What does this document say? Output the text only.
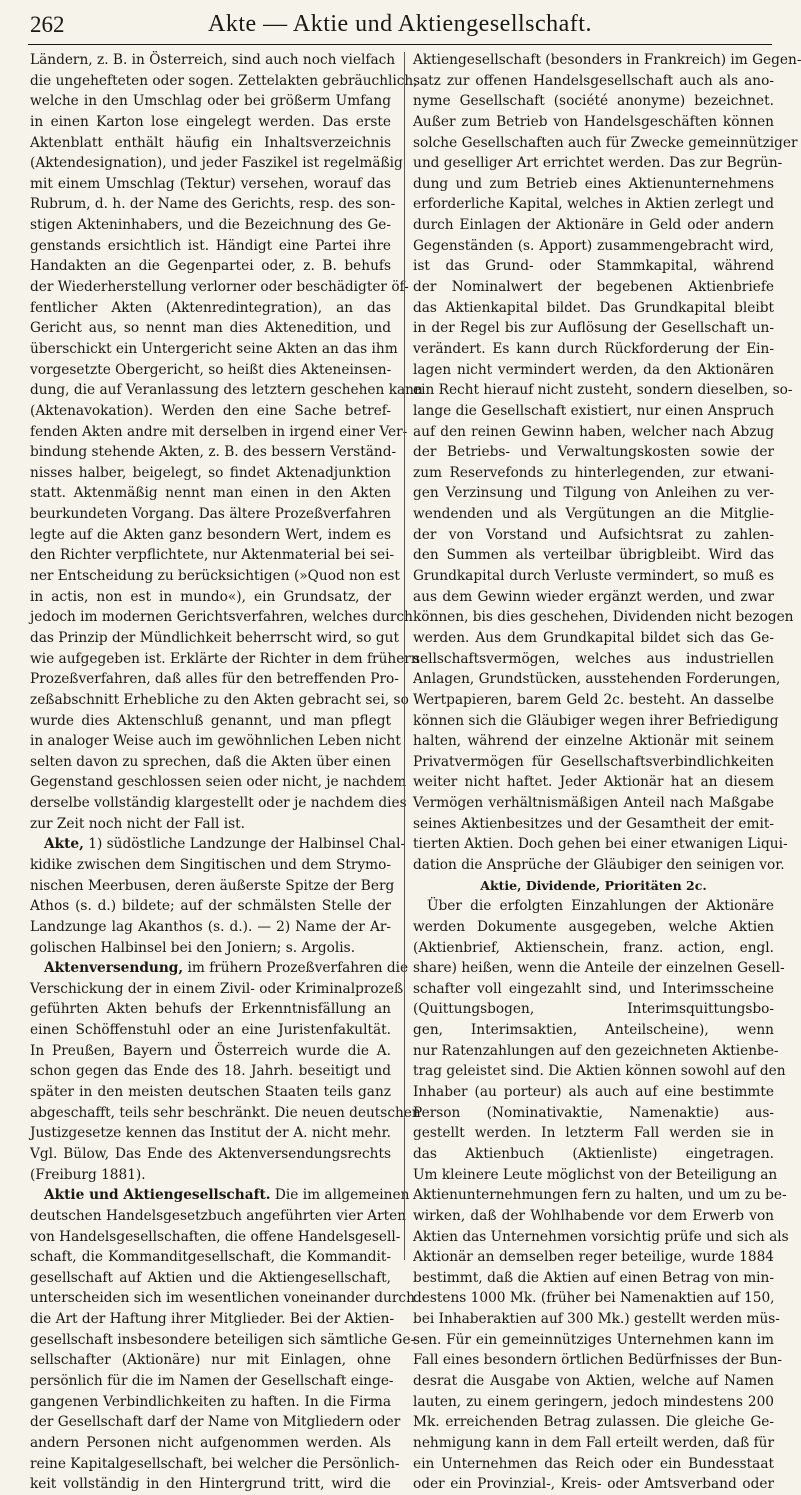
262	Akte — Aktie und Aktiengesellschaft.
Ländern, z. B. in Österreich, sind auch noch vielfach
die ungehefteten oder sogen. Zettelakten gebräuchlich,
welche in den Umschlag oder bei größerm Umfang
in einen Karton lose eingelegt werden. Das erste
Aktenblatt enthält häufig ein Inhaltsverzeichnis
(Aktendesignation), und jeder Faszikel ist regelmäßig
mit einem Umschlag (Tektur) versehen, worauf das
Rubrum, d. h. der Name des Gerichts, resp. des son-
stigen Akteninhabers, und die Bezeichnung des Ge-
genstands ersichtlich ist. Händigt eine Partei ihre
Handakten an die Gegenpartei oder, z. B. behufs
der Wiederherstellung verlorner oder beschädigter öf-
fentlicher Akten (Aktenredintegration), an das
Gericht aus, so nennt man dies Aktenedition, und
überschickt ein Untergericht seine Akten an das ihm
vorgesetzte Obergericht, so heißt dies Akteneinsen-
dung, die auf Veranlassung des letztern geschehen kann
(Aktenavokation). Werden den eine Sache betref-
fenden Akten andre mit derselben in irgend einer Ver-
bindung stehende Akten, z. B. des bessern Verständ-
nisses halber, beigelegt, so findet Aktenadjunktion
statt. Aktenmäßig nennt man einen in den Akten
beurkundeten Vorgang. Das ältere Prozeßverfahren
legte auf die Akten ganz besondern Wert, indem es
den Richter verpflichtete, nur Aktenmaterial bei sei-
ner Entscheidung zu berücksichtigen (»Quod non est
in actis, non est in mundo«), ein Grundsatz, der
jedoch im modernen Gerichtsverfahren, welches durch
das Prinzip der Mündlichkeit beherrscht wird, so gut
wie aufgegeben ist. Erklärte der Richter in dem frühern
Prozeßverfahren, daß alles für den betreffenden Pro-
zeßabschnitt Erhebliche zu den Akten gebracht sei, so
wurde dies Aktenschluß genannt, und man pflegt
in analoger Weise auch im gewöhnlichen Leben nicht
selten davon zu sprechen, daß die Akten über einen
Gegenstand geschlossen seien oder nicht, je nachdem
derselbe vollständig klargestellt oder je nachdem dies
zur Zeit noch nicht der Fall ist.
Akte, 1) südöstliche Landzunge der Halbinsel Chal-
kidike zwischen dem Singitischen und dem Strymo-
nischen Meerbusen, deren äußerste Spitze der Berg
Athos (s. d.) bildete; auf der schmälsten Stelle der
Landzunge lag Akanthos (s. d.). — 2) Name der Ar-
golischen Halbinsel bei den Joniern; s. Argolis.
Aktenversendung, im frühern Prozeßverfahren die
Verschickung der in einem Zivil- oder Kriminalprozeß
geführten Akten behufs der Erkenntnisfällung an
einen Schöffenstuhl oder an eine Juristenfakultät.
In Preußen, Bayern und Österreich wurde die A.
schon gegen das Ende des 18. Jahrh. beseitigt und
später in den meisten deutschen Staaten teils ganz
abgeschafft, teils sehr beschränkt. Die neuen deutschen
Justizgesetze kennen das Institut der A. nicht mehr.
Vgl. Bülow, Das Ende des Aktenversendungsrechts
(Freiburg 1881).
Aktie und Aktiengesellschaft. Die im allgemeinen
deutschen Handelsgesetzbuch angeführten vier Arten
von Handelsgesellschaften, die offene Handelsgesell-
schaft, die Kommanditgesellschaft, die Kommandit-
gesellschaft auf Aktien und die Aktiengesellschaft,
unterscheiden sich im wesentlichen voneinander durch
die Art der Haftung ihrer Mitglieder. Bei der Aktien-
gesellschaft insbesondere beteiligen sich sämtliche Ge-
sellschafter (Aktionäre) nur mit Einlagen, ohne
persönlich für die im Namen der Gesellschaft einge-
gangenen Verbindlichkeiten zu haften. In die Firma
der Gesellschaft darf der Name von Mitgliedern oder
andern Personen nicht aufgenommen werden. Als
reine Kapitalgesellschaft, bei welcher die Persönlich-
keit vollständig in den Hintergrund tritt, wird die
Aktiengesellschaft (besonders in Frankreich) im Gegen-
satz zur offenen Handelsgesellschaft auch als ano-
nyme Gesellschaft (société anonyme) bezeichnet.
Außer zum Betrieb von Handelsgeschäften können
solche Gesellschaften auch für Zwecke gemeinnütziger
und geselliger Art errichtet werden. Das zur Begrün-
dung und zum Betrieb eines Aktienunternehmens
erforderliche Kapital, welches in Aktien zerlegt und
durch Einlagen der Aktionäre in Geld oder andern
Gegenständen (s. Apport) zusammengebracht wird,
ist das Grund- oder Stammkapital, während
der Nominalwert der begebenen Aktienbriefe
das Aktienkapital bildet. Das Grundkapital bleibt
in der Regel bis zur Auflösung der Gesellschaft un-
verändert. Es kann durch Rückforderung der Ein-
lagen nicht vermindert werden, da den Aktionären
ein Recht hierauf nicht zusteht, sondern dieselben, so-
lange die Gesellschaft existiert, nur einen Anspruch
auf den reinen Gewinn haben, welcher nach Abzug
der Betriebs- und Verwaltungskosten sowie der
zum Reservefonds zu hinterlegenden, zur etwani-
gen Verzinsung und Tilgung von Anleihen zu ver-
wendenden und als Vergütungen an die Mitglie-
der von Vorstand und Aufsichtsrat zu zahlen-
den Summen als verteilbar übrigbleibt. Wird das
Grundkapital durch Verluste vermindert, so muß es
aus dem Gewinn wieder ergänzt werden, und zwar
können, bis dies geschehen, Dividenden nicht bezogen
werden. Aus dem Grundkapital bildet sich das Ge-
sellschaftsvermögen, welches aus industriellen
Anlagen, Grundstücken, ausstehenden Forderungen,
Wertpapieren, barem Geld 2c. besteht. An dasselbe
können sich die Gläubiger wegen ihrer Befriedigung
halten, während der einzelne Aktionär mit seinem
Privatvermögen für Gesellschaftsverbindlichkeiten
weiter nicht haftet. Jeder Aktionär hat an diesem
Vermögen verhältnismäßigen Anteil nach Maßgabe
seines Aktienbesitzes und der Gesamtheit der emit-
tierten Aktien. Doch gehen bei einer etwanigen Liqui-
dation die Ansprüche der Gläubiger den seinigen vor.
Aktie, Dividende, Prioritäten 2c.
Über die erfolgten Einzahlungen der Aktionäre
werden Dokumente ausgegeben, welche Aktien
(Aktienbrief, Aktienschein, franz. action, engl.
share) heißen, wenn die Anteile der einzelnen Gesell-
schafter voll eingezahlt sind, und Interimsscheine
(Quittungsbogen, Interimsquittungsbo-
gen, Interimsaktien, Anteilscheine), wenn
nur Ratenzahlungen auf den gezeichneten Aktienbe-
trag geleistet sind. Die Aktien können sowohl auf den
Inhaber (au porteur) als auch auf eine bestimmte
Person (Nominativaktie, Namenaktie) aus-
gestellt werden. In letzterm Fall werden sie in
das Aktienbuch (Aktienliste) eingetragen.
Um kleinere Leute möglichst von der Beteiligung an
Aktienunternehmungen fern zu halten, und um zu be-
wirken, daß der Wohlhabende vor dem Erwerb von
Aktien das Unternehmen vorsichtig prüfe und sich als
Aktionär an demselben reger beteilige, wurde 1884
bestimmt, daß die Aktien auf einen Betrag von min-
destens 1000 Mk. (früher bei Namenaktien auf 150,
bei Inhaberaktien auf 300 Mk.) gestellt werden müs-
sen. Für ein gemeinnütziges Unternehmen kann im
Fall eines besondern örtlichen Bedürfnisses der Bun-
desrat die Ausgabe von Aktien, welche auf Namen
lauten, zu einem geringern, jedoch mindestens 200
Mk. erreichenden Betrag zulassen. Die gleiche Ge-
nehmigung kann in dem Fall erteilt werden, daß für
ein Unternehmen das Reich oder ein Bundesstaat
oder ein Provinzial-, Kreis- oder Amtsverband oder
